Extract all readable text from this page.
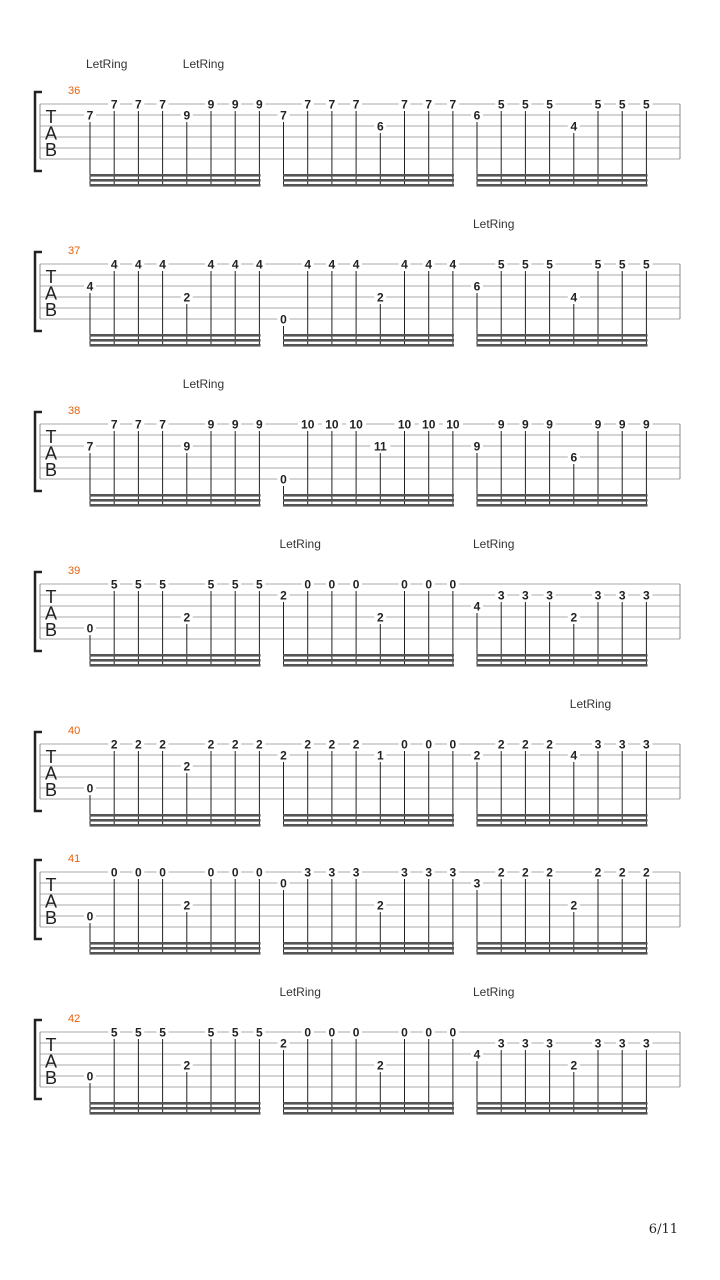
T
A
B
36
LetRing	LetRing
7
7 7 7
9
9 9 9
7
7 7 7
6
7 7 7
6
5 5 5
4
5 5 5
T
A
B
37
LetRing
4
4 4 4
2
4 4 4
0
4 4 4
2
4 4 4
6
5 5 5
4
5 5 5
T
A
B
38
LetRing
7
7 7 7
9
9 9 9
0
10 10 10
11
10 10 10
9
9 9 9
6
9 9 9
T
A
B
39
LetRing	LetRing
0
5 5 5
2
5 5 5
2
0 0 0
2
0 0 0
4
3 3 3
2
3 3 3
T
A
B
40
LetRing
0
2 2 2
2
2 2 2
2
2 2 2
1
0 0 0
2
2 2 2
4
3 3 3
T
A
B
41
0
0 0 0
2
0 0 0
0
3 3 3
2
3 3 3
3
2 2 2
2
2 2 2
T
A
B
42
LetRing	LetRing
0
5 5 5
2
5 5 5
2
0 0 0
2
0 0 0
4
3 3 3
2
3 3 3
6/11
